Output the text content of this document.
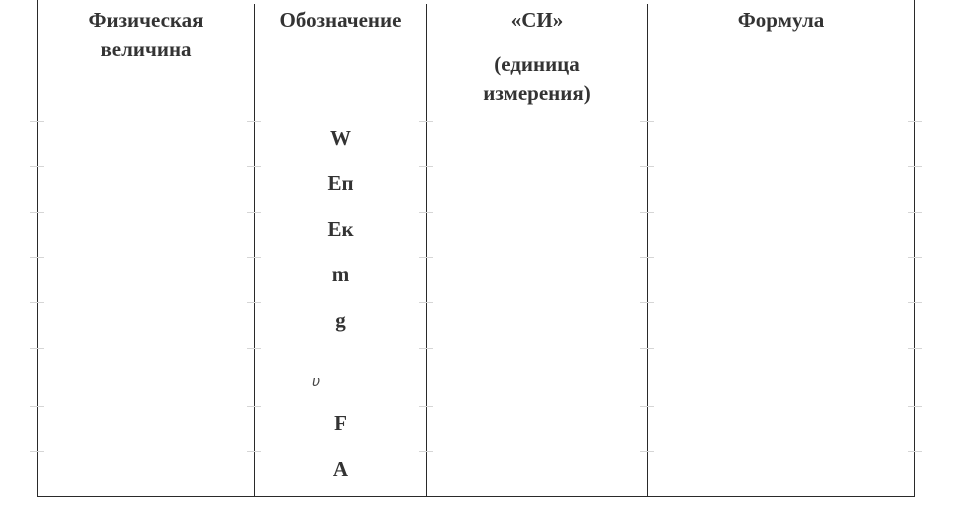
Физическая величина
Обозначение	«СИ»
(единица измерения)
Формула
W
Еп
Ек
m
g
υ
F
A
